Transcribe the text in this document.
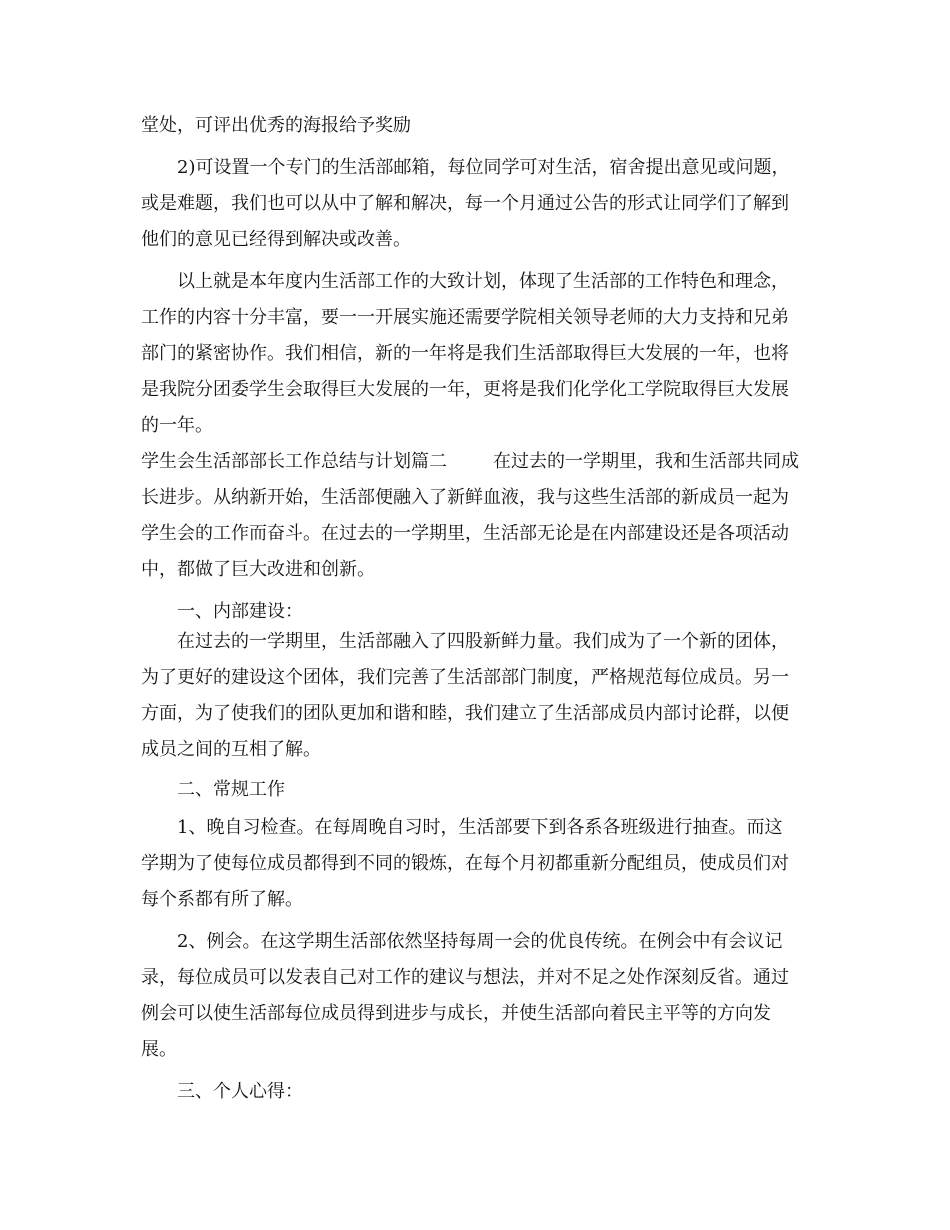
堂处，可评出优秀的海报给予奖励
2)可设置一个专门的生活部邮箱，每位同学可对生活，宿舍提出意见或问题，
或是难题，我们也可以从中了解和解决，每一个月通过公告的形式让同学们了解到
他们的意见已经得到解决或改善。
以上就是本年度内生活部工作的大致计划，体现了生活部的工作特色和理念，
工作的内容十分丰富，要一一开展实施还需要学院相关领导老师的大力支持和兄弟
部门的紧密协作。我们相信，新的一年将是我们生活部取得巨大发展的一年，也将
是我院分团委学生会取得巨大发展的一年，更将是我们化学化工学院取得巨大发展
的一年。
学生会生活部部长工作总结与计划篇二	在过去的一学期里，我和生活部共同成
长进步。从纳新开始，生活部便融入了新鲜血液，我与这些生活部的新成员一起为
学生会的工作而奋斗。在过去的一学期里，生活部无论是在内部建设还是各项活动
中，都做了巨大改进和创新。
一、内部建设：
在过去的一学期里，生活部融入了四股新鲜力量。我们成为了一个新的团体，
为了更好的建设这个团体，我们完善了生活部部门制度，严格规范每位成员。另一
方面，为了使我们的团队更加和谐和睦，我们建立了生活部成员内部讨论群，以便
成员之间的互相了解。
二、常规工作
1、晚自习检查。在每周晚自习时，生活部要下到各系各班级进行抽查。而这
学期为了使每位成员都得到不同的锻炼，在每个月初都重新分配组员，使成员们对
每个系都有所了解。
2、例会。在这学期生活部依然坚持每周一会的优良传统。在例会中有会议记
录，每位成员可以发表自己对工作的建议与想法，并对不足之处作深刻反省。通过
例会可以使生活部每位成员得到进步与成长，并使生活部向着民主平等的方向发
展。
三、个人心得：
